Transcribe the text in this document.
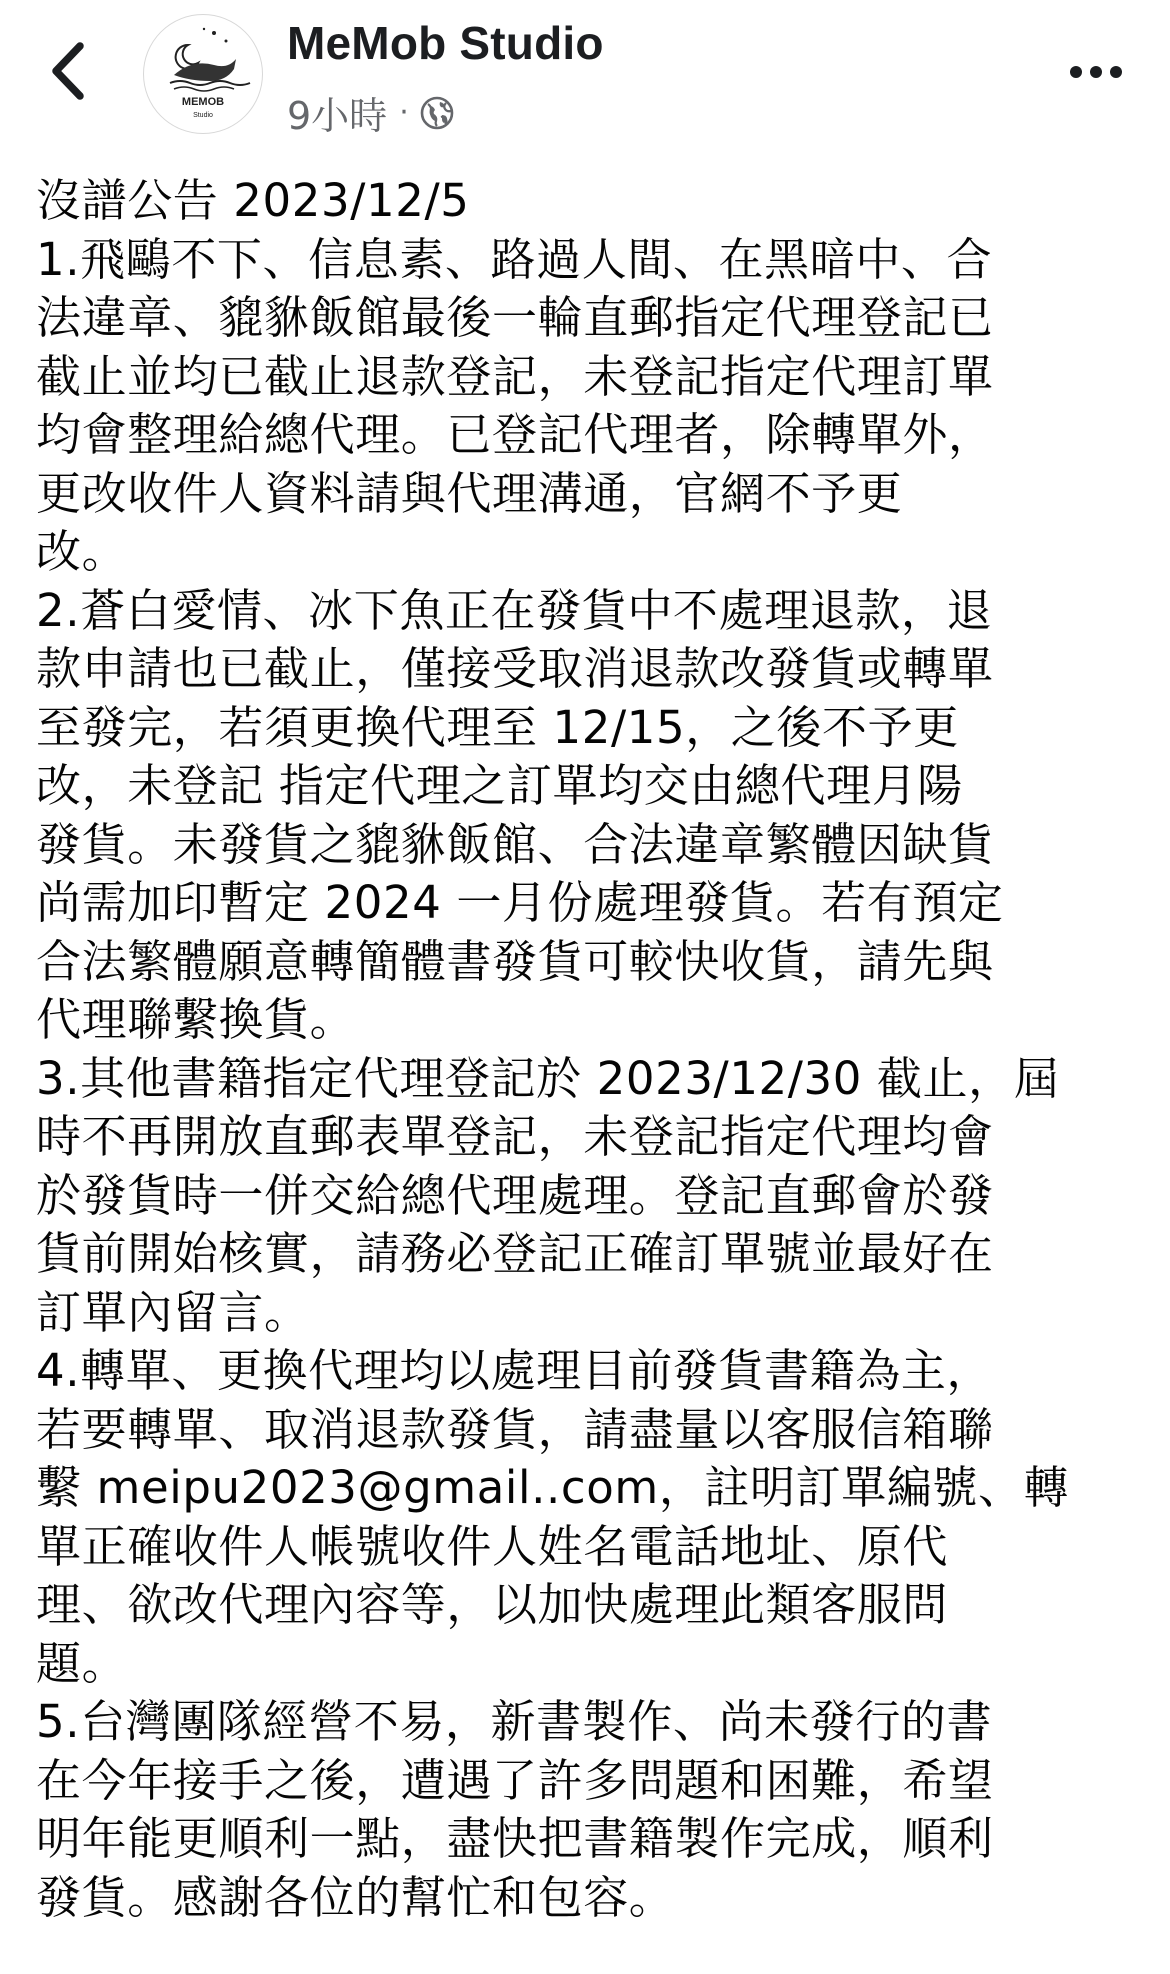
MEMOB
Studio
MeMob Studio
9小時 ·

沒譜公告 2023/12/5

1.飛鷗不下、信息素、路過人間、在黑暗中、合

法違章、貔貅飯館最後一輪直郵指定代理登記已

截止並均已截止退款登記，未登記指定代理訂單

均會整理給總代理。已登記代理者，除轉單外，

更改收件人資料請與代理溝通，官網不予更

改。

2.蒼白愛情、冰下魚正在發貨中不處理退款，退

款申請也已截止，僅接受取消退款改發貨或轉單

至發完，若須更換代理至 12/15，之後不予更

改，未登記 指定代理之訂單均交由總代理月陽

發貨。未發貨之貔貅飯館、合法違章繁體因缺貨

尚需加印暫定 2024 一月份處理發貨。若有預定

合法繁體願意轉簡體書發貨可較快收貨，請先與

代理聯繫換貨。

3.其他書籍指定代理登記於 2023/12/30 截止，屆

時不再開放直郵表單登記，未登記指定代理均會

於發貨時一併交給總代理處理。登記直郵會於發

貨前開始核實，請務必登記正確訂單號並最好在

訂單內留言。

4.轉單、更換代理均以處理目前發貨書籍為主，

若要轉單、取消退款發貨，請盡量以客服信箱聯

繫 meipu2023@gmail..com，註明訂單編號、轉

單正確收件人帳號收件人姓名電話地址、原代

理、欲改代理內容等，以加快處理此類客服問

題。

5.台灣團隊經營不易，新書製作、尚未發行的書

在今年接手之後，遭遇了許多問題和困難，希望

明年能更順利一點，盡快把書籍製作完成，順利

發貨。感謝各位的幫忙和包容。
